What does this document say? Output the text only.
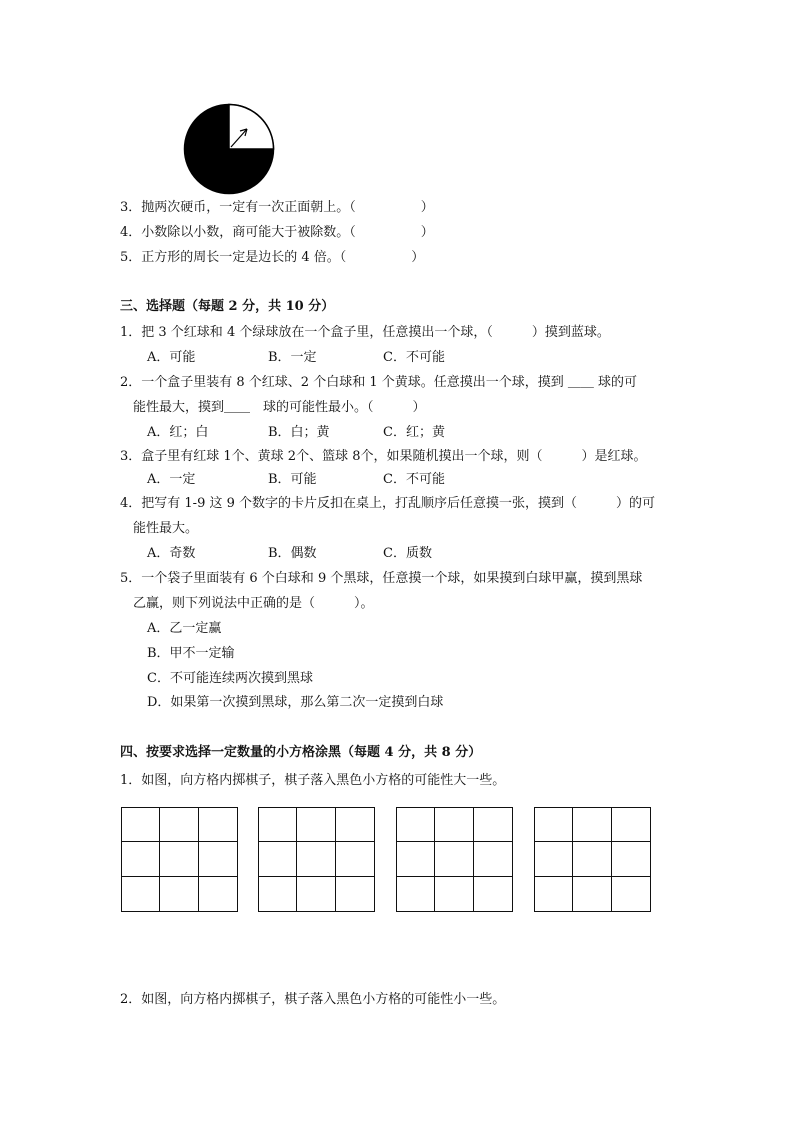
3．抛两次硬币，一定有一次正面朝上。（　　　　　）
4．小数除以小数，商可能大于被除数。（　　　　　）
5．正方形的周长一定是边长的 4 倍。（　　　　　）
三、选择题（每题 2 分，共 10 分）
1．把 3 个红球和 4 个绿球放在一个盒子里，任意摸出一个球，（　　　）摸到蓝球。
A．可能	B．一定	C．不可能
2．一个盒子里装有 8 个红球、2 个白球和 1 个黄球。任意摸出一个球，摸到 ＿＿ 球的可
能性最大，摸到＿＿　球的可能性最小。（　　　）
A．红；白	B．白；黄	C．红；黄
3．盒子里有红球 1个、黄球 2个、篮球 8个，如果随机摸出一个球，则（　　　）是红球。
A．一定	B．可能	C．不可能
4．把写有 1-9 这 9 个数字的卡片反扣在桌上，打乱顺序后任意摸一张，摸到（　　　）的可
能性最大。
A．奇数	B．偶数	C．质数
5．一个袋子里面装有 6 个白球和 9 个黑球，任意摸一个球，如果摸到白球甲赢，摸到黑球
乙赢，则下列说法中正确的是（　　　）。
A．乙一定赢
B．甲不一定输
C．不可能连续两次摸到黑球
D．如果第一次摸到黑球，那么第二次一定摸到白球
四、按要求选择一定数量的小方格涂黑（每题 4 分，共 8 分）
1．如图，向方格内掷棋子，棋子落入黑色小方格的可能性大一些。
2．如图，向方格内掷棋子，棋子落入黑色小方格的可能性小一些。
